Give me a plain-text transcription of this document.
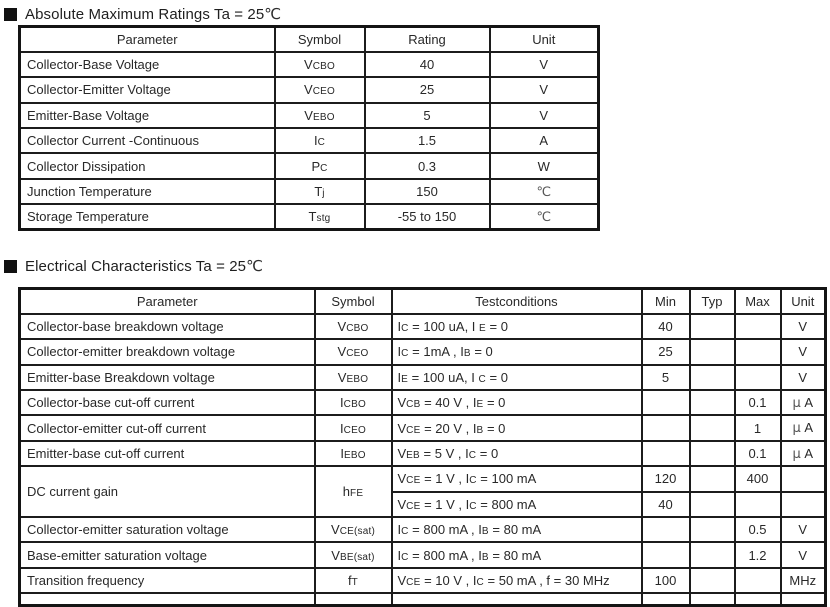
Absolute Maximum Ratings Ta = 25℃
Parameter	Symbol	Rating	Unit
Collector-Base Voltage	VCBO	40	V
Collector-Emitter Voltage	VCEO	25	V
Emitter-Base Voltage	VEBO	5	V
Collector Current -Continuous	IC	1.5	A
Collector Dissipation	PC	0.3	W
Junction Temperature	Tj	150	℃
Storage Temperature	Tstg	-55 to 150	℃
Electrical Characteristics Ta = 25℃
Parameter	Symbol	Testconditions	Min	Typ	Max	Unit
Collector-base breakdown voltage	VCBO	IC = 100 uA, I E = 0	40			V
Collector-emitter breakdown voltage	VCEO	IC = 1mA , IB = 0	25			V
Emitter-base Breakdown voltage	VEBO	IE = 100 uA, I C = 0	5			V
Collector-base cut-off current	ICBO	VCB = 40 V , IE = 0			0.1	μ A
Collector-emitter cut-off current	ICEO	VCE = 20 V , IB = 0			1	μ A
Emitter-base cut-off current	IEBO	VEB = 5 V , IC = 0			0.1	μ A
DC current gain	hFE	VCE = 1 V , IC = 100 mA	120		400	
		VCE = 1 V , IC = 800 mA	40			
Collector-emitter saturation voltage	VCE(sat)	IC = 800 mA , IB = 80 mA			0.5	V
Base-emitter saturation voltage	VBE(sat)	IC = 800 mA , IB = 80 mA			1.2	V
Transition frequency	fT	VCE = 10 V , IC = 50 mA , f = 30 MHz	100			MHz
